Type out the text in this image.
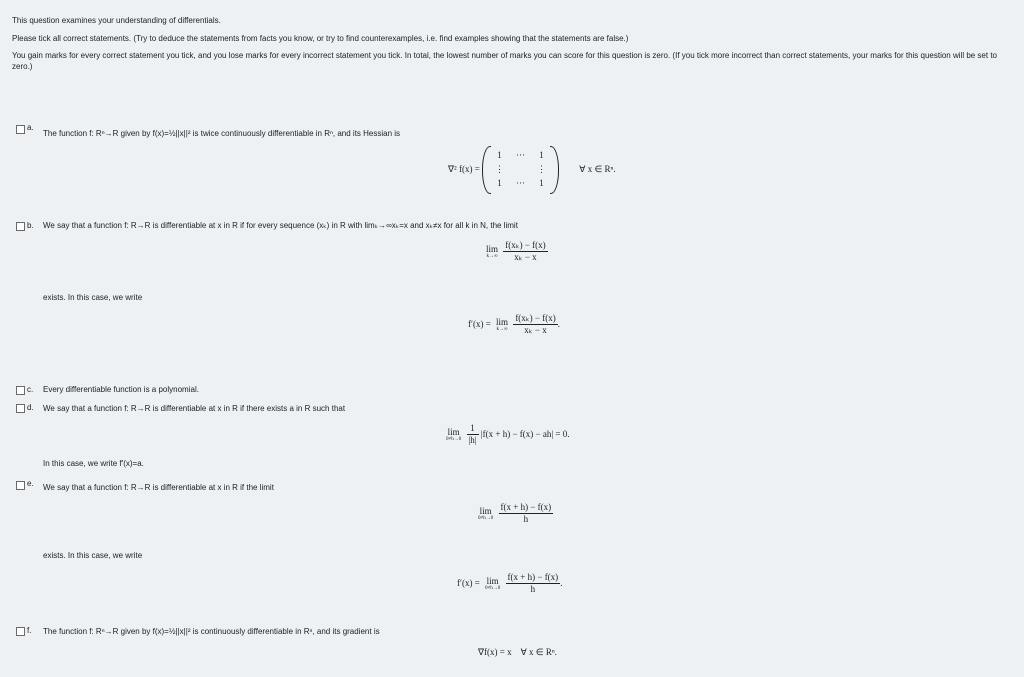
This question examines your understanding of differentials.
Please tick all correct statements. (Try to deduce the statements from facts you know, or try to find counterexamples, i.e. find examples showing that the statements are false.)
You gain marks for every correct statement you tick, and you lose marks for every incorrect statement you tick. In total, the lowest number of marks you can score for this question is zero. (If you tick more incorrect than correct statements, your marks for this question will be set to zero.)
a.
The function f: Rⁿ→R given by f(x)=½||x||² is twice continuously differentiable in Rⁿ, and its Hessian is
∇² f(x) =
1	···	1
⋮		⋮
1	···	1
∀ x ∈ Rⁿ.
b. We say that a function f: R→R is differentiable at x in R if for every sequence (xₖ) in R with limₖ→∞xₖ=x and xₖ≠x for all k in N, the limit
lim
k→∞
$\frac{\text{f(xₖ) − f(x)}}{\text{xₖ − x}}$
exists. In this case, we write
f′(x) = lim
k→∞
$\frac{\text{f(xₖ) − f(x)}}{\text{xₖ − x}}$ .
c. Every differentiable function is a polynomial.
d. We say that a function f: R→R is differentiable at x in R if there exists a in R such that
lim
0≠h→0
$\frac{1}{|h|} |f(x + h) - f(x) - ah| = 0$.
In this case, we write f′(x)=a.
e. We say that a function f: R→R is differentiable at x in R if the limit
lim
0≠h→0
$\frac{f(x + h) - f(x)}{h}$
exists. In this case, we write
f′(x) = lim
0≠h→0
$\frac{f(x + h) - f(x)}{h}$ .
f. The function f: Rⁿ→R given by f(x)=½||x||² is continuously differentiable in Rⁿ, and its gradient is
∇f(x) = x    ∀ x ∈ Rⁿ.
